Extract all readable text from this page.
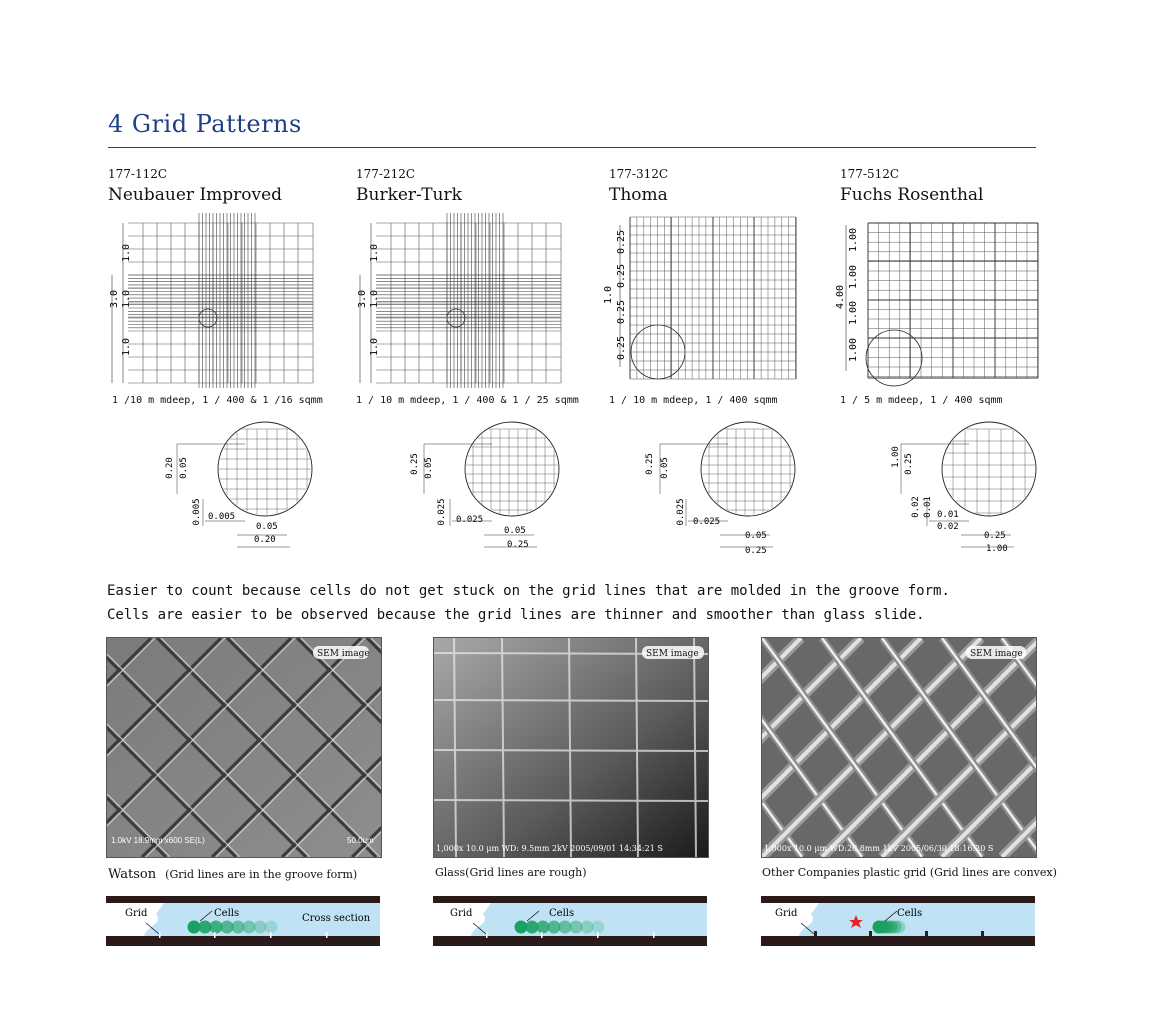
4 Grid Patterns
177-112C
Neubauer Improved
177-212C
Burker-Turk
177-312C
Thoma
177-512C
Fuchs Rosenthal
1.0
1.0
1.0
3.0
1.0
1.0
1.0
3.0
0.25
0.25
0.25
0.25
1.0
1.00
1.00
1.00
1.00
4.00
0.20 0.05
0.005 0.005
0.05
0.20
0.25 0.05
0.025 0.025
0.05
0.25
0.25 0.05
0.025 0.025
0.05
0.25
1.00 0.25
0.02 0.01 0.01
0.02
0.25
1.00
1 /10 m mdeep, 1 / 400 & 1 /16 sqmm	1 / 10 m mdeep, 1 / 400 & 1 / 25 sqmm	1 / 10 m mdeep, 1 / 400 sqmm	1 / 5 m mdeep, 1 / 400 sqmm
Easier to count because cells do not get stuck on the grid lines that are molded in the groove form.
Cells are easier to be observed because the grid lines are thinner and smoother than glass slide.
SEM image
1.0kV 18.9mm x600 SE(L)	50.0um
SEM image
1,000x 10.0 μm WD: 9.5mm 2kV 2005/09/01 14:34:21 S
SEM image
1,000x 10.0 μm WD:20.8mm 1kV 2005/06/30 18:16:20 S
Watson (Grid lines are in the groove form)	Glass(Grid lines are rough)	Other Companies plastic grid (Grid lines are convex)
Grid	Cells	Cross section	Grid	Cells	Grid	Cells
